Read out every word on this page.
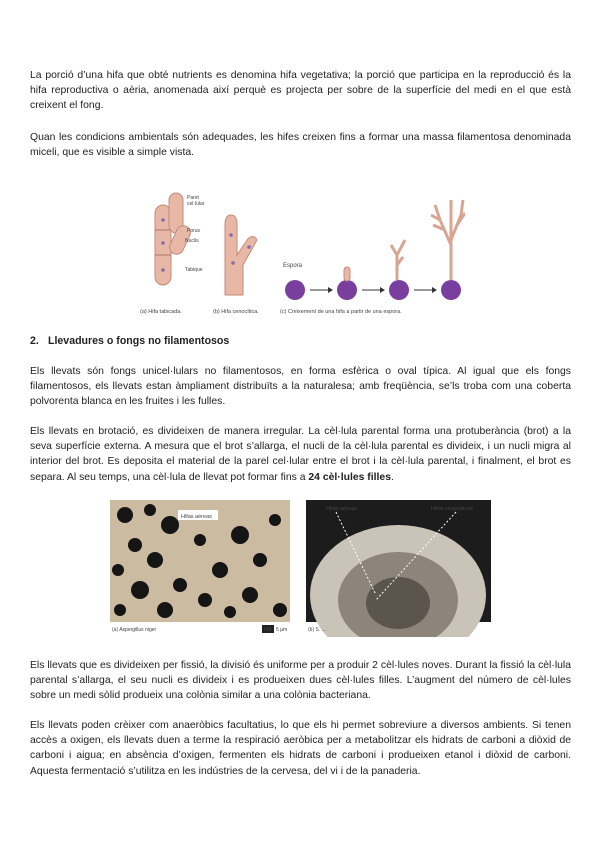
La porció d’una hifa que obté nutrients es denomina hifa vegetativa; la porció que participa en la reproducció és la hifa reproductiva o aèria, anomenada així perquè es projecta per sobre de la superfície del medi en el que està creixent el fong.

Quan les condicions ambientals són adequades, les hifes creixen fins a formar una massa filamentosa denominada miceli, que es visible a simple vista.

Paret
cel·lular
Porus
Nuclis
Tabique
Espora
(a) Hifa tabicada.	(b) Hifa cenocítica.	(c) Creixement de una hifa a partir de una espora.
2. Llevadures o fongs no filamentosos

Els llevats són fongs unicel·lulars no filamentosos, en forma esfèrica o oval típica. Al igual que els fongs filamentosos, els llevats estan àmpliament distribuïts a la naturalesa; amb freqüència, se’ls troba com una coberta polvorenta blanca en les fruites i les fulles.

Els llevats en brotació, es divideixen de manera irregular. La cèl·lula parental forma una protuberància (brot) a la seva superfície externa. A mesura que el brot s’allarga, el nucli de la cèl·lula parental es divideix, i un nucli migra al interior del brot. Es deposita el material de la parel cel·lular entre el brot i la cèl·lula parental, i finalment, el brot es separa. Al seu temps, una cèl·lula de llevat pot formar fins a 24 cèl·lules filles.

Hifas aéreas
(a) Aspergillus niger	LM 5 µm
Hifas aéreas	Hifas vegetativas
(b) S. ...

Els llevats que es divideixen per fissió, la divisió és uniforme per a produir 2 cèl·lules noves. Durant la fissió la cèl·lula parental s’allarga, el seu nucli es divideix i es produeixen dues cèl·lules filles. L’augment del número de cèl·lules sobre un medi sòlid produeix una colònia similar a una colònia bacteriana.

Els llevats poden crèixer com anaeròbics facultatius, lo que els hi permet sobreviure a diversos ambients. Si tenen accès a oxigen, els llevats duen a terme la respiració aeròbica per a metabolitzar els hidrats de carboni a diòxid de carboni i aigua; en absència d’oxigen, fermenten els hidrats de carboni i produeixen etanol i diòxid de carboni. Aquesta fermentació s’utilitza en les indústries de la cervesa, del vi i de la panaderia.
